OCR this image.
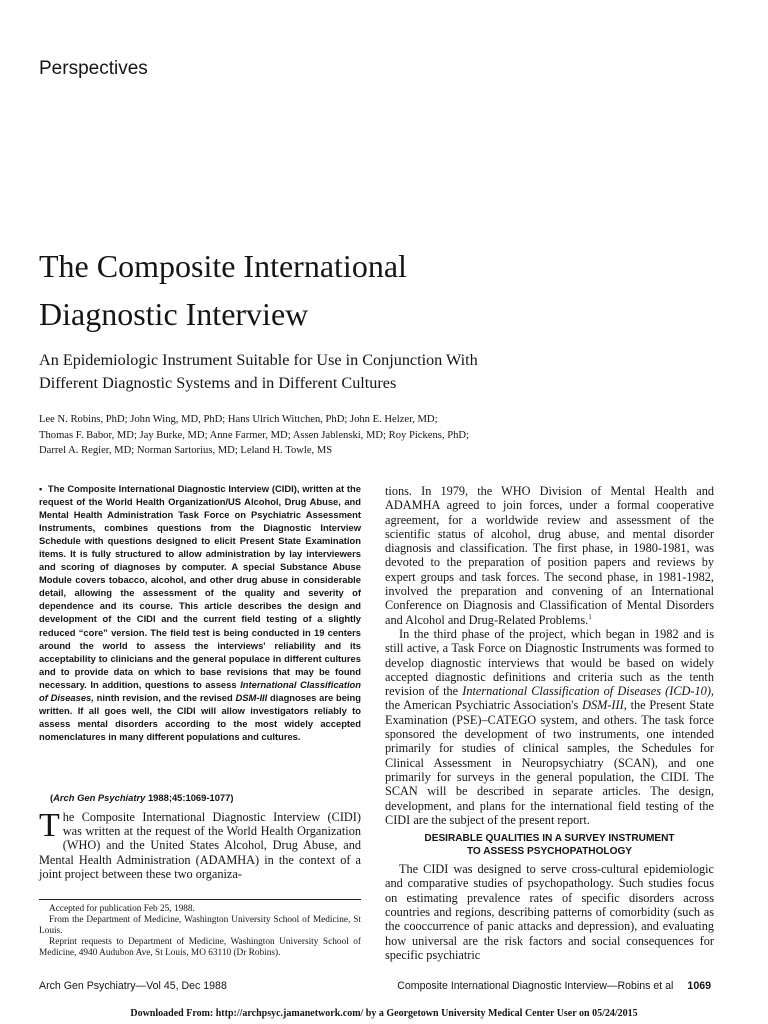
Perspectives
The Composite International
Diagnostic Interview
An Epidemiologic Instrument Suitable for Use in Conjunction With
Different Diagnostic Systems and in Different Cultures
Lee N. Robins, PhD; John Wing, MD, PhD; Hans Ulrich Wittchen, PhD; John E. Helzer, MD;
Thomas F. Babor, MD; Jay Burke, MD; Anne Farmer, MD; Assen Jablenski, MD; Roy Pickens, PhD;
Darrel A. Regier, MD; Norman Sartorius, MD; Leland H. Towle, MS

• The Composite International Diagnostic Interview (CIDI), written at the request of the World Health Organization/US Alcohol, Drug Abuse, and Mental Health Administration Task Force on Psychiatric Assessment Instruments, combines questions from the Diagnostic Interview Schedule with questions designed to elicit Present State Examination items. It is fully structured to allow administration by lay interviewers and scoring of diagnoses by computer. A special Substance Abuse Module covers tobacco, alcohol, and other drug abuse in considerable detail, allowing the assessment of the quality and severity of dependence and its course. This article describes the design and development of the CIDI and the current field testing of a slightly reduced “core” version. The field test is being conducted in 19 centers around the world to assess the interviews' reliability and its acceptability to clinicians and the general populace in different cultures and to provide data on which to base revisions that may be found necessary. In addition, questions to assess International Classification of Diseases, ninth revision, and the revised DSM-III diagnoses are being written. If all goes well, the CIDI will allow investigators reliably to assess mental disorders according to the most widely accepted nomenclatures in many different populations and cultures.

(Arch Gen Psychiatry 1988;45:1069-1077)

The Composite International Diagnostic Interview (CIDI) was written at the request of the World Health Organization (WHO) and the United States Alcohol, Drug Abuse, and Mental Health Administration (ADAMHA) in the context of a joint project between these two organiza-

Accepted for publication Feb 25, 1988.

From the Department of Medicine, Washington University School of Medicine, St Louis.

Reprint requests to Department of Medicine, Washington University School of Medicine, 4940 Audubon Ave, St Louis, MO 63110 (Dr Robins).

tions. In 1979, the WHO Division of Mental Health and ADAMHA agreed to join forces, under a formal cooperative agreement, for a worldwide review and assessment of the scientific status of alcohol, drug abuse, and mental disorder diagnosis and classification. The first phase, in 1980-1981, was devoted to the preparation of position papers and reviews by expert groups and task forces. The second phase, in 1981-1982, involved the preparation and convening of an International Conference on Diagnosis and Classification of Mental Disorders and Alcohol and Drug-Related Problems.$^1$

In the third phase of the project, which began in 1982 and is still active, a Task Force on Diagnostic Instruments was formed to develop diagnostic interviews that would be based on widely accepted diagnostic definitions and criteria such as the tenth revision of the International Classification of Diseases (ICD-10), the American Psychiatric Association's DSM-III, the Present State Examination (PSE)–CATEGO system, and others. The task force sponsored the development of two instruments, one intended primarily for studies of clinical samples, the Schedules for Clinical Assessment in Neuropsychiatry (SCAN), and one primarily for surveys in the general population, the CIDI. The SCAN will be described in separate articles. The design, development, and plans for the international field testing of the CIDI are the subject of the present report.

DESIRABLE QUALITIES IN A SURVEY INSTRUMENT
TO ASSESS PSYCHOPATHOLOGY

The CIDI was designed to serve cross-cultural epidemiologic and comparative studies of psychopathology. Such studies focus on estimating prevalence rates of specific disorders across countries and regions, describing patterns of comorbidity (such as the cooccurrence of panic attacks and depression), and evaluating how universal are the risk factors and social consequences for specific psychiatric

Arch Gen Psychiatry—Vol 45, Dec 1988	Composite International Diagnostic Interview—Robins et al 1069
Downloaded From: http://archpsyc.jamanetwork.com/ by a Georgetown University Medical Center User on 05/24/2015
